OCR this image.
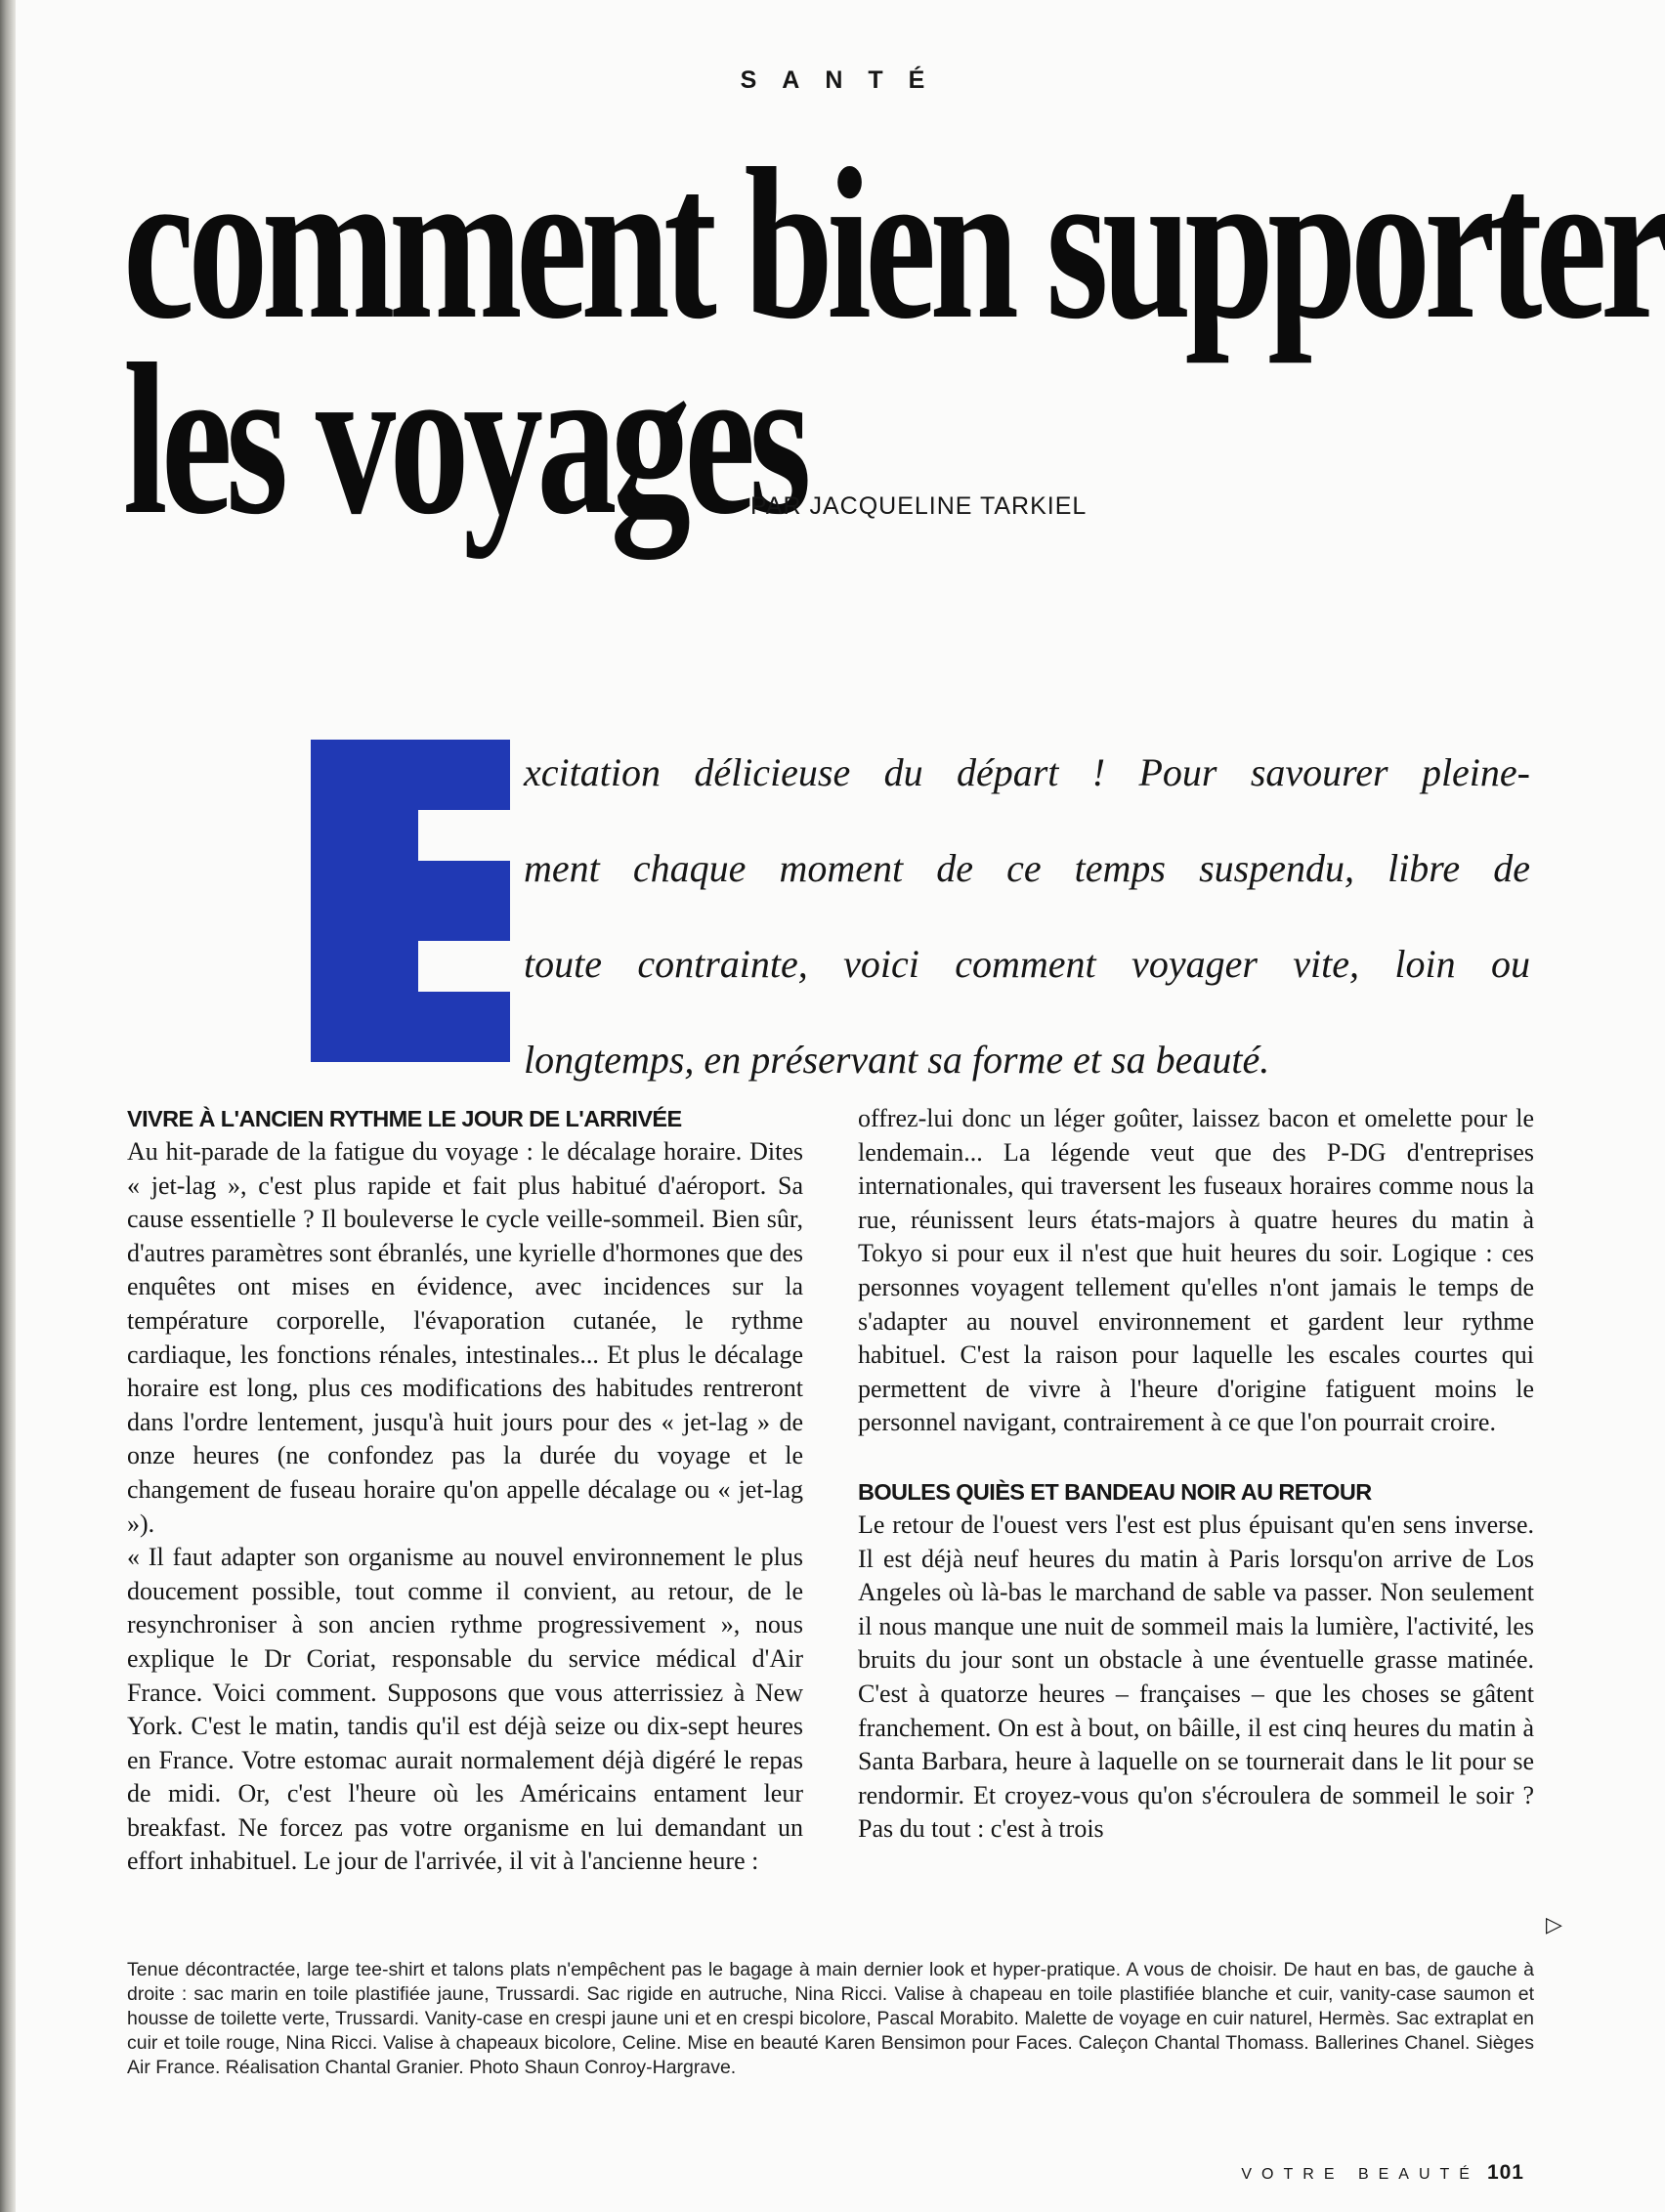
SANTÉ
comment bien supporter
les voyages
PAR JACQUELINE TARKIEL
xcitation délicieuse du départ ! Pour savourer pleine-
ment chaque moment de ce temps suspendu, libre de
toute contrainte, voici comment voyager vite, loin ou
longtemps, en préservant sa forme et sa beauté.
VIVRE À L'ANCIEN RYTHME LE JOUR DE L'ARRIVÉE

Au hit-parade de la fatigue du voyage : le décalage horaire. Dites « jet-lag », c'est plus rapide et fait plus habitué d'aéroport. Sa cause essentielle ? Il bouleverse le cycle veille-sommeil. Bien sûr, d'autres paramètres sont ébranlés, une kyrielle d'hormones que des enquêtes ont mises en évidence, avec incidences sur la température corporelle, l'évaporation cutanée, le rythme cardiaque, les fonctions rénales, intestinales... Et plus le décalage horaire est long, plus ces modifications des habitudes rentreront dans l'ordre lentement, jusqu'à huit jours pour des « jet-lag » de onze heures (ne confondez pas la durée du voyage et le changement de fuseau horaire qu'on appelle décalage ou « jet-lag »).

« Il faut adapter son organisme au nouvel environnement le plus doucement possible, tout comme il convient, au retour, de le resynchroniser à son ancien rythme progressivement », nous explique le Dr Coriat, responsable du service médical d'Air France. Voici comment. Supposons que vous atterrissiez à New York. C'est le matin, tandis qu'il est déjà seize ou dix-sept heures en France. Votre estomac aurait normalement déjà digéré le repas de midi. Or, c'est l'heure où les Américains entament leur breakfast. Ne forcez pas votre organisme en lui demandant un effort inhabituel. Le jour de l'arrivée, il vit à l'ancienne heure :

offrez-lui donc un léger goûter, laissez bacon et omelette pour le lendemain... La légende veut que des P-DG d'entreprises internationales, qui traversent les fuseaux horaires comme nous la rue, réunissent leurs états-majors à quatre heures du matin à Tokyo si pour eux il n'est que huit heures du soir. Logique : ces personnes voyagent tellement qu'elles n'ont jamais le temps de s'adapter au nouvel environnement et gardent leur rythme habituel. C'est la raison pour laquelle les escales courtes qui permettent de vivre à l'heure d'origine fatiguent moins le personnel navigant, contrairement à ce que l'on pourrait croire.

BOULES QUIÈS ET BANDEAU NOIR AU RETOUR

Le retour de l'ouest vers l'est est plus épuisant qu'en sens inverse. Il est déjà neuf heures du matin à Paris lorsqu'on arrive de Los Angeles où là-bas le marchand de sable va passer. Non seulement il nous manque une nuit de sommeil mais la lumière, l'activité, les bruits du jour sont un obstacle à une éventuelle grasse matinée. C'est à quatorze heures – françaises – que les choses se gâtent franchement. On est à bout, on bâille, il est cinq heures du matin à Santa Barbara, heure à laquelle on se tournerait dans le lit pour se rendormir. Et croyez-vous qu'on s'écroulera de sommeil le soir ? Pas du tout : c'est à trois

▷
Tenue décontractée, large tee-shirt et talons plats n'empêchent pas le bagage à main dernier look et hyper-pratique. A vous de choisir. De haut en bas, de gauche à droite : sac marin en toile plastifiée jaune, Trussardi. Sac rigide en autruche, Nina Ricci. Valise à chapeau en toile plastifiée blanche et cuir, vanity-case saumon et housse de toilette verte, Trussardi. Vanity-case en crespi jaune uni et en crespi bicolore, Pascal Morabito. Malette de voyage en cuir naturel, Hermès. Sac extraplat en cuir et toile rouge, Nina Ricci. Valise à chapeaux bicolore, Celine. Mise en beauté Karen Bensimon pour Faces. Caleçon Chantal Thomass. Ballerines Chanel. Sièges Air France. Réalisation Chantal Granier. Photo Shaun Conroy-Hargrave.
VOTRE BEAUTÉ 101
